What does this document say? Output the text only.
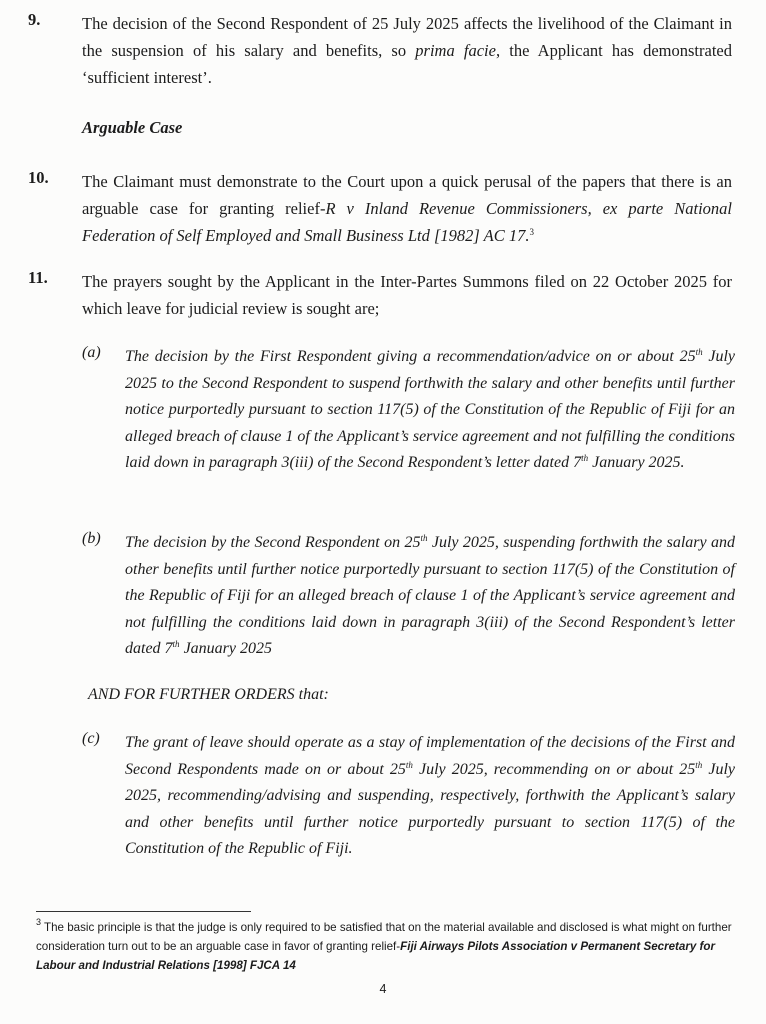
9.	The decision of the Second Respondent of 25 July 2025 affects the livelihood of the Claimant in the suspension of his salary and benefits, so prima facie, the Applicant has demonstrated ‘sufficient interest’.
Arguable Case
10. The Claimant must demonstrate to the Court upon a quick perusal of the papers that there is an arguable case for granting relief-R v Inland Revenue Commissioners, ex parte National Federation of Self Employed and Small Business Ltd [1982] AC 17.$^3$
11. The prayers sought by the Applicant in the Inter-Partes Summons filed on 22 October 2025 for which leave for judicial review is sought are;
(a) The decision by the First Respondent giving a recommendation/advice on or about 25th July 2025 to the Second Respondent to suspend forthwith the salary and other benefits until further notice purportedly pursuant to section 117(5) of the Constitution of the Republic of Fiji for an alleged breach of clause 1 of the Applicant’s service agreement and not fulfilling the conditions laid down in paragraph 3(iii) of the Second Respondent’s letter dated 7th January 2025.
(b) The decision by the Second Respondent on 25th July 2025, suspending forthwith the salary and other benefits until further notice purportedly pursuant to section 117(5) of the Constitution of the Republic of Fiji for an alleged breach of clause 1 of the Applicant’s service agreement and not fulfilling the conditions laid down in paragraph 3(iii) of the Second Respondent’s letter dated 7th January 2025
AND FOR FURTHER ORDERS that:
(c) The grant of leave should operate as a stay of implementation of the decisions of the First and Second Respondents made on or about 25th July 2025, recommending on or about 25th July 2025, recommending/advising and suspending, respectively, forthwith the Applicant’s salary and other benefits until further notice purportedly pursuant to section 117(5) of the Constitution of the Republic of Fiji.
$^3$ The basic principle is that the judge is only required to be satisfied that on the material available and disclosed is what might on further consideration turn out to be an arguable case in favor of granting relief-Fiji Airways Pilots Association v Permanent Secretary for Labour and Industrial Relations [1998] FJCA 14
4
